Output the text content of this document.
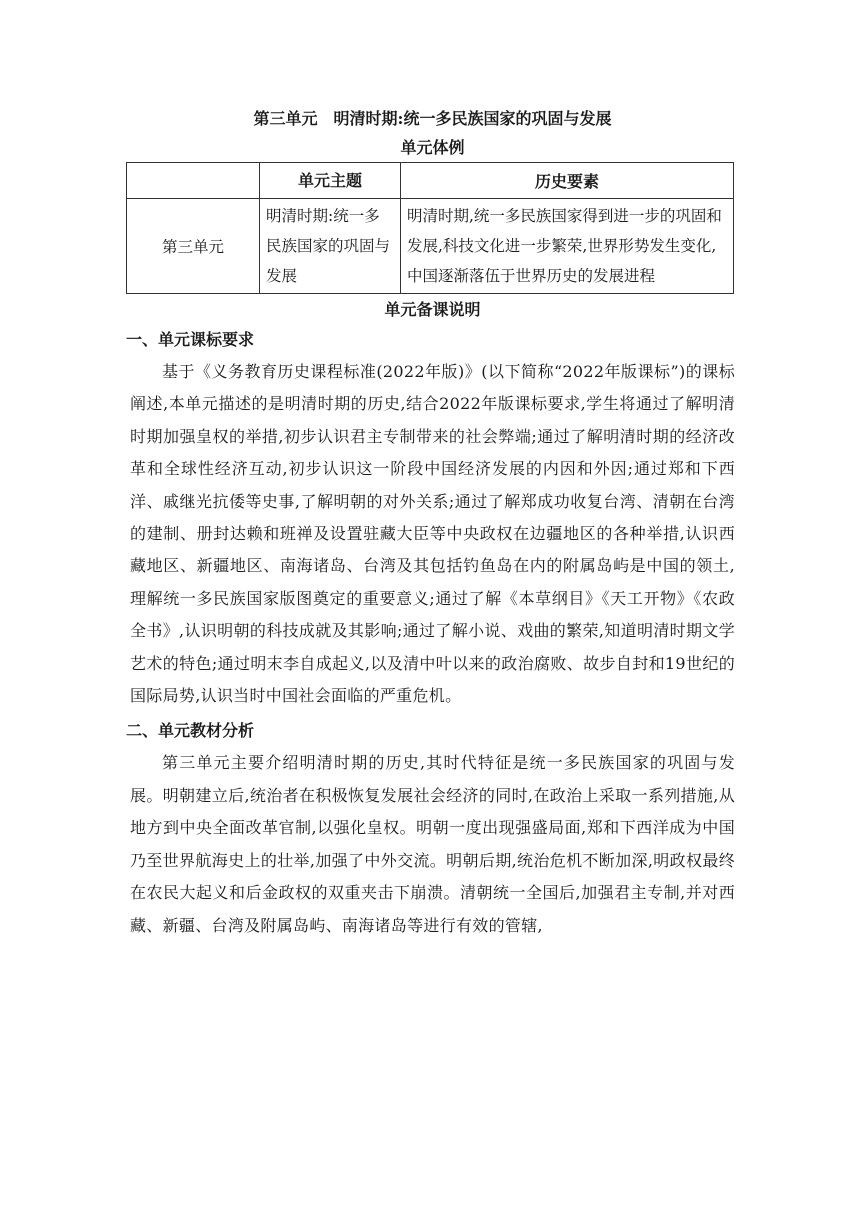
第三单元　明清时期:统一多民族国家的巩固与发展

单元体例

	单元主题	历史要素
第三单元	明清时期:统一多民族国家的巩固与发展	明清时期,统一多民族国家得到进一步的巩固和发展,科技文化进一步繁荣,世界形势发生变化,中国逐渐落伍于世界历史的发展进程

单元备课说明

一、单元课标要求

基于《义务教育历史课程标准(2022年版)》(以下简称“2022年版课标”)的课标阐述,本单元描述的是明清时期的历史,结合2022年版课标要求,学生将通过了解明清时期加强皇权的举措,初步认识君主专制带来的社会弊端;通过了解明清时期的经济改革和全球性经济互动,初步认识这一阶段中国经济发展的内因和外因;通过郑和下西洋、戚继光抗倭等史事,了解明朝的对外关系;通过了解郑成功收复台湾、清朝在台湾的建制、册封达赖和班禅及设置驻藏大臣等中央政权在边疆地区的各种举措,认识西藏地区、新疆地区、南海诸岛、台湾及其包括钓鱼岛在内的附属岛屿是中国的领土,理解统一多民族国家版图奠定的重要意义;通过了解《本草纲目》《天工开物》《农政全书》,认识明朝的科技成就及其影响;通过了解小说、戏曲的繁荣,知道明清时期文学艺术的特色;通过明末李自成起义,以及清中叶以来的政治腐败、故步自封和19世纪的国际局势,认识当时中国社会面临的严重危机。

二、单元教材分析

第三单元主要介绍明清时期的历史,其时代特征是统一多民族国家的巩固与发展。明朝建立后,统治者在积极恢复发展社会经济的同时,在政治上采取一系列措施,从地方到中央全面改革官制,以强化皇权。明朝一度出现强盛局面,郑和下西洋成为中国乃至世界航海史上的壮举,加强了中外交流。明朝后期,统治危机不断加深,明政权最终在农民大起义和后金政权的双重夹击下崩溃。清朝统一全国后,加强君主专制,并对西藏、新疆、台湾及附属岛屿、南海诸岛等进行有效的管辖,
